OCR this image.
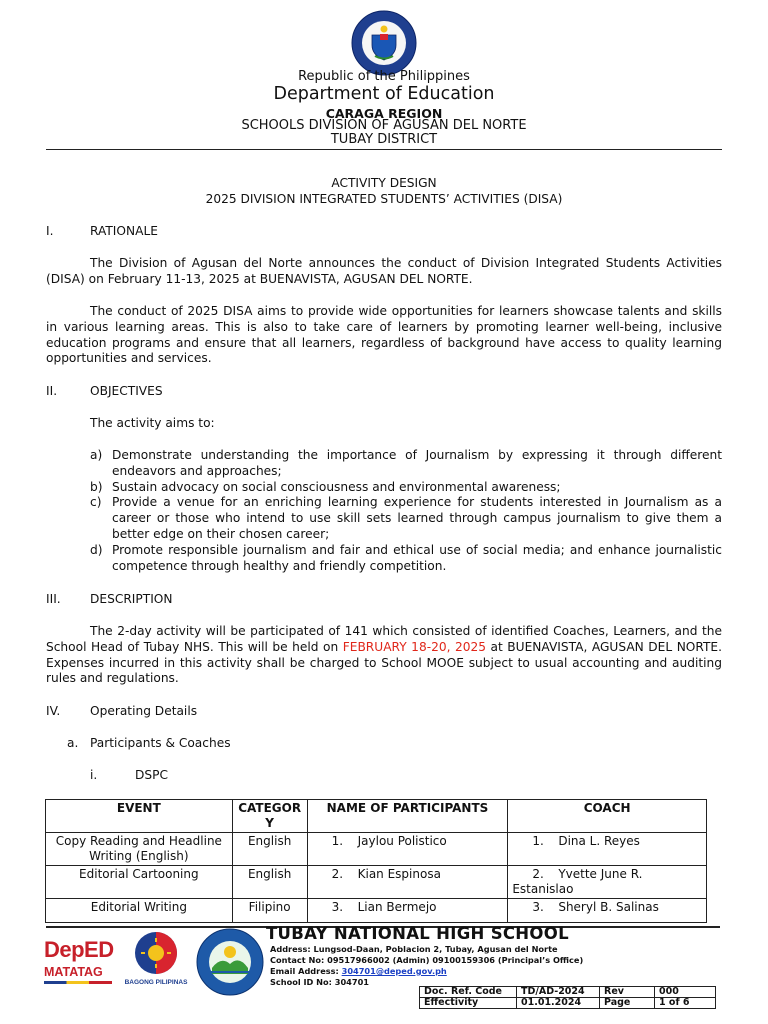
Republic of the Philippines
Department of Education
CARAGA REGION
SCHOOLS DIVISION OF AGUSAN DEL NORTE
TUBAY DISTRICT
ACTIVITY DESIGN
2025 DIVISION INTEGRATED STUDENTS’ ACTIVITIES (DISA)
I.	RATIONALE
The Division of Agusan del Norte announces the conduct of Division Integrated Students Activities (DISA) on February 11-13, 2025 at BUENAVISTA, AGUSAN DEL NORTE.
The conduct of 2025 DISA aims to provide wide opportunities for learners showcase talents and skills in various learning areas. This is also to take care of learners by promoting learner well-being, inclusive education programs and ensure that all learners, regardless of background have access to quality learning opportunities and services.
II.	OBJECTIVES
The activity aims to:
a) Demonstrate understanding the importance of Journalism by expressing it through different endeavors and approaches;
b) Sustain advocacy on social consciousness and environmental awareness;
c) Provide a venue for an enriching learning experience for students interested in Journalism as a career or those who intend to use skill sets learned through campus journalism to give them a better edge on their chosen career;
d) Promote responsible journalism and fair and ethical use of social media; and enhance journalistic competence through healthy and friendly competition.
III. DESCRIPTION
The 2-day activity will be participated of 141 which consisted of identified Coaches, Learners, and the School Head of Tubay NHS. This will be held on FEBRUARY 18-20, 2025 at BUENAVISTA, AGUSAN DEL NORTE. Expenses incurred in this activity shall be charged to School MOOE subject to usual accounting and auditing rules and regulations.
IV. Operating Details
a. Participants & Coaches
i.	DSPC
EVENT	CATEGORY	NAME OF PARTICIPANTS	COACH
Copy Reading and Headline Writing (English)	English	1. Jaylou Polistico	1. Dina L. Reyes
Editorial Cartooning	English	2. Kian Espinosa	2. Yvette June R. Estanislao
Editorial Writing	Filipino	3. Lian Bermejo	3. Sheryl B. Salinas
DepED
MATATAG
BAGONG PILIPINAS
TUBAY NATIONAL HIGH SCHOOL
Address: Lungsod-Daan, Poblacion 2, Tubay, Agusan del Norte
Contact No: 09517966002 (Admin) 09100159306 (Principal’s Office)
Email Address: 304701@deped.gov.ph
School ID No: 304701
Doc. Ref. Code	TD/AD-2024	Rev	000
Effectivity	01.01.2024	Page	1 of 6
